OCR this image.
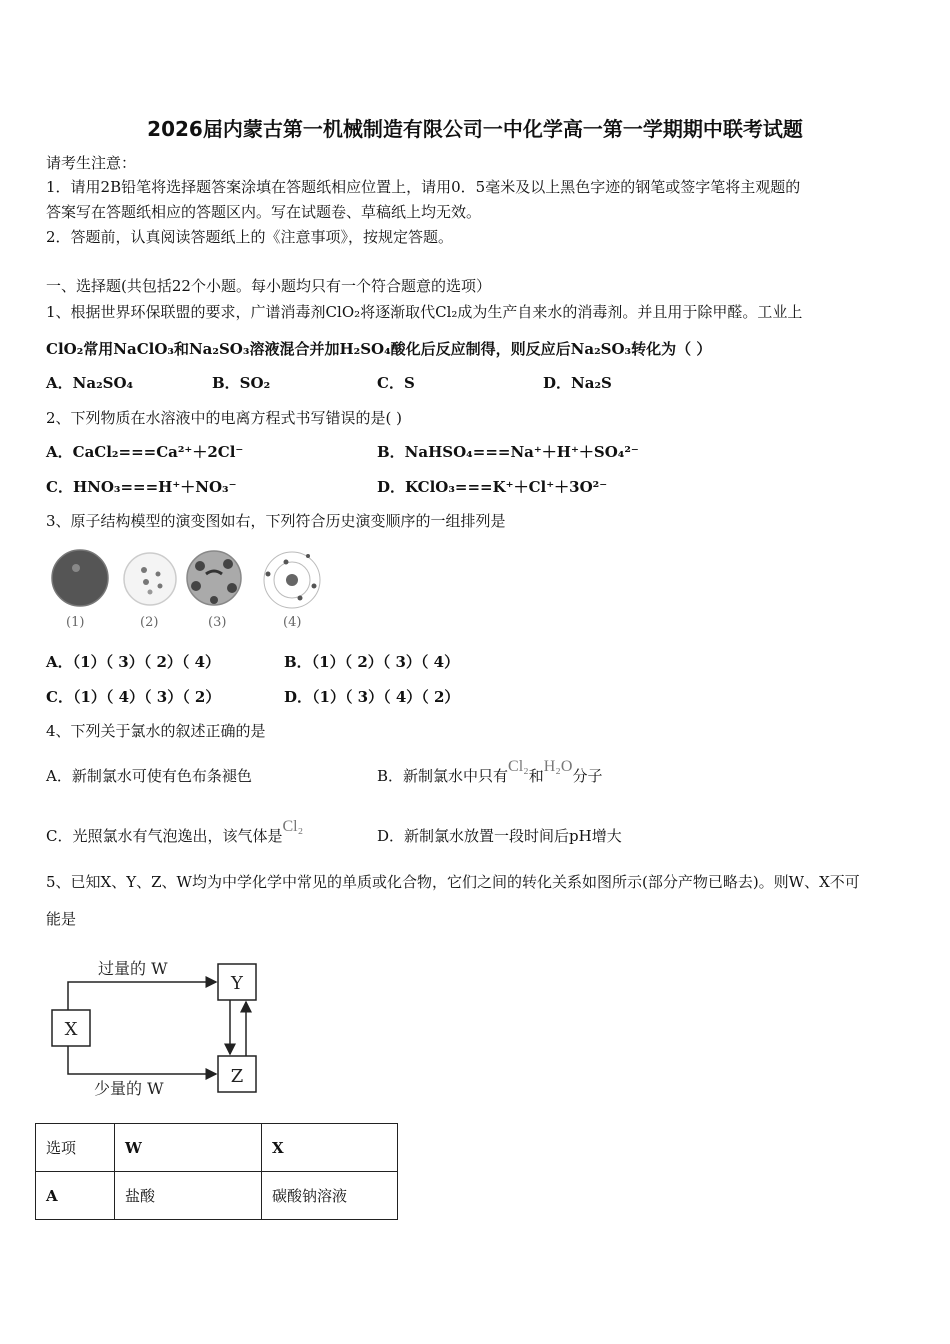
2026届内蒙古第一机械制造有限公司一中化学高一第一学期期中联考试题
请考生注意：
1．请用2B铅笔将选择题答案涂填在答题纸相应位置上，请用0．5毫米及以上黑色字迹的钢笔或签字笔将主观题的
答案写在答题纸相应的答题区内。写在试题卷、草稿纸上均无效。
2．答题前，认真阅读答题纸上的《注意事项》，按规定答题。
一、选择题(共包括22个小题。每小题均只有一个符合题意的选项）
1、根据世界环保联盟的要求，广谱消毒剂ClO₂将逐渐取代Cl₂成为生产自来水的消毒剂。并且用于除甲醛。工业上
ClO₂常用NaClO₃和Na₂SO₃溶液混合并加H₂SO₄酸化后反应制得，则反应后Na₂SO₃转化为（ ）
A．Na₂SO₄	B．SO₂	C．S	D．Na₂S
2、下列物质在水溶液中的电离方程式书写错误的是( )
A．CaCl₂===Ca²⁺＋2Cl⁻	B．NaHSO₄===Na⁺＋H⁺＋SO₄²⁻
C．HNO₃===H⁺＋NO₃⁻	D．KClO₃===K⁺＋Cl⁺＋3O²⁻
3、原子结构模型的演变图如右，下列符合历史演变顺序的一组排列是
(1)	(2)	(3)	(4)
A．（1）（ 3）（ 2）（ 4）	B．（1）（ 2）（ 3）（ 4）
C．（1）（ 4）（ 3）（ 2）	D．（1）（ 3）（ 4）（ 2）
4、下列关于氯水的叙述正确的是
A．新制氯水可使有色布条褪色	B．新制氯水中只有Cl₂和H₂O分子
C．光照氯水有气泡逸出，该气体是Cl₂
D．新制氯水放置一段时间后pH增大
5、已知X、Y、Z、W均为中学化学中常见的单质或化合物，它们之间的转化关系如图所示(部分产物已略去)。则W、X不可
能是
X
Y
Z
过量的 W
少量的 W
选项	W	X
A	盐酸	碳酸钠溶液
